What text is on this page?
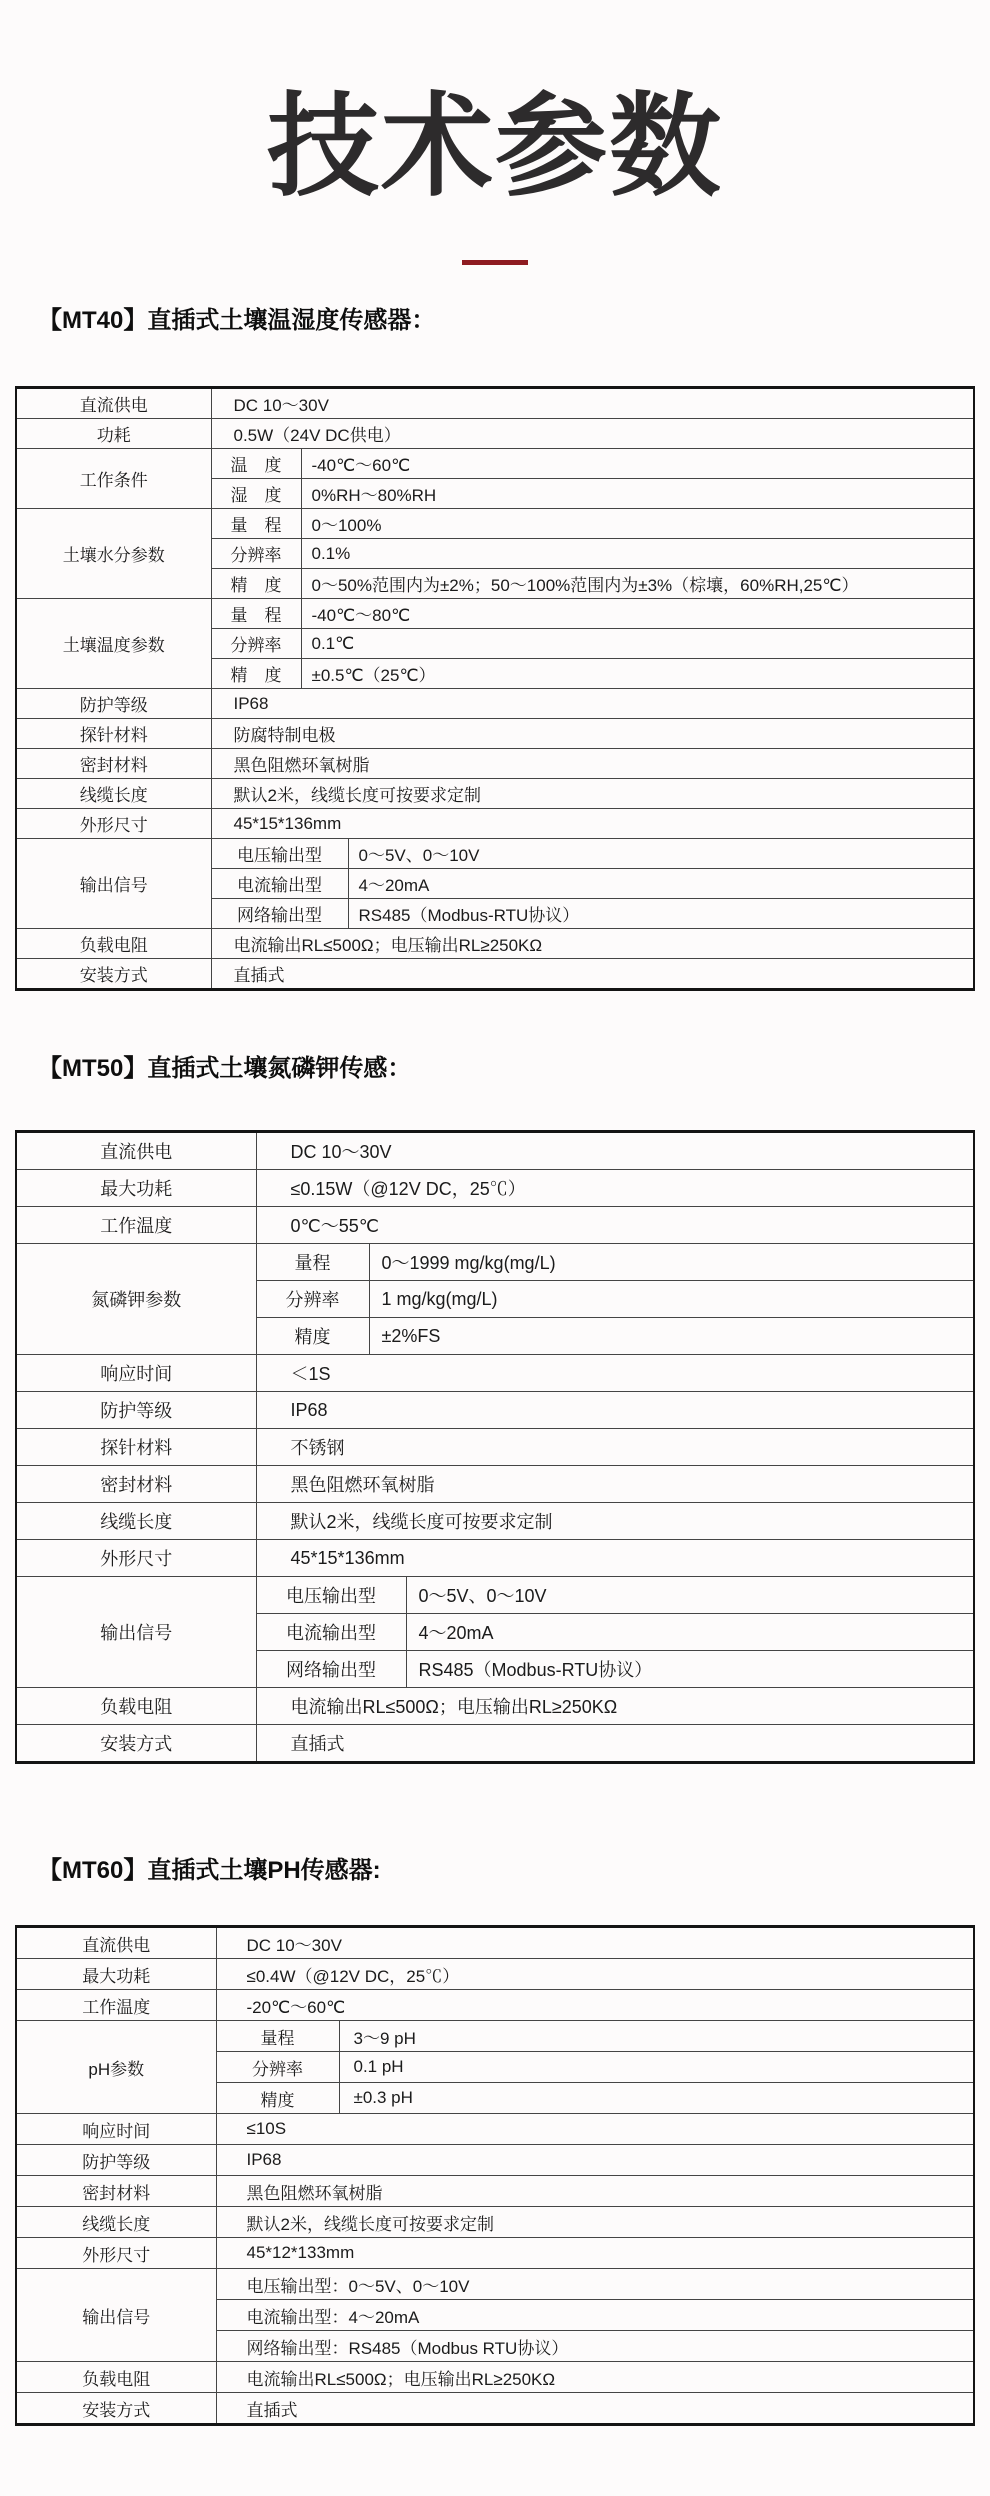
技术参数
【MT40】直插式土壤温湿度传感器：
直流供电	DC 10～30V		
功耗	0.5W（24V DC供电）		
工作条件	温　度	-40℃～60℃	
	湿　度	0%RH～80%RH	
土壤水分参数	量　程	0～100%	
	分辨率	0.1%	
	精　度	0～50%范围内为±2%；50～100%范围内为±3%（棕壤，60%RH,25℃）	
土壤温度参数	量　程	-40℃～80℃	
	分辨率	0.1℃	
	精　度	±0.5℃（25℃）	
防护等级	IP68		
探针材料	防腐特制电极		
密封材料	黑色阻燃环氧树脂		
线缆长度	默认2米，线缆长度可按要求定制		
外形尺寸	45*15*136mm		
输出信号	电压输出型		0～5V、0～10V
	电流输出型		4～20mA
	网络输出型		RS485（Modbus-RTU协议）
负载电阻	电流输出RL≤500Ω；电压输出RL≥250KΩ		
安装方式	直插式		
【MT50】直插式土壤氮磷钾传感：
直流供电	DC 10～30V		
最大功耗	≤0.15W（@12V DC，25℃）		
工作温度	0℃～55℃		
氮磷钾参数	量程	0～1999 mg/kg(mg/L)	
	分辨率	1 mg/kg(mg/L)	
	精度	±2%FS	
响应时间	＜1S		
防护等级	IP68		
探针材料	不锈钢		
密封材料	黑色阻燃环氧树脂		
线缆长度	默认2米，线缆长度可按要求定制		
外形尺寸	45*15*136mm		
输出信号	电压输出型		0～5V、0～10V
	电流输出型		4～20mA
	网络输出型		RS485（Modbus-RTU协议）
负载电阻	电流输出RL≤500Ω；电压输出RL≥250KΩ		
安装方式	直插式		
【MT60】直插式土壤PH传感器:
直流供电	DC 10～30V	
最大功耗	≤0.4W（@12V DC，25℃）	
工作温度	-20℃～60℃	
pH参数	量程	3～9 pH
	分辨率	0.1 pH
	精度	±0.3 pH
响应时间	≤10S	
防护等级	IP68	
密封材料	黑色阻燃环氧树脂	
线缆长度	默认2米，线缆长度可按要求定制	
外形尺寸	45*12*133mm	
输出信号	电压输出型：0～5V、0～10V	
	电流输出型：4～20mA	
	网络输出型：RS485（Modbus RTU协议）	
负载电阻	电流输出RL≤500Ω；电压输出RL≥250KΩ	
安装方式	直插式	
